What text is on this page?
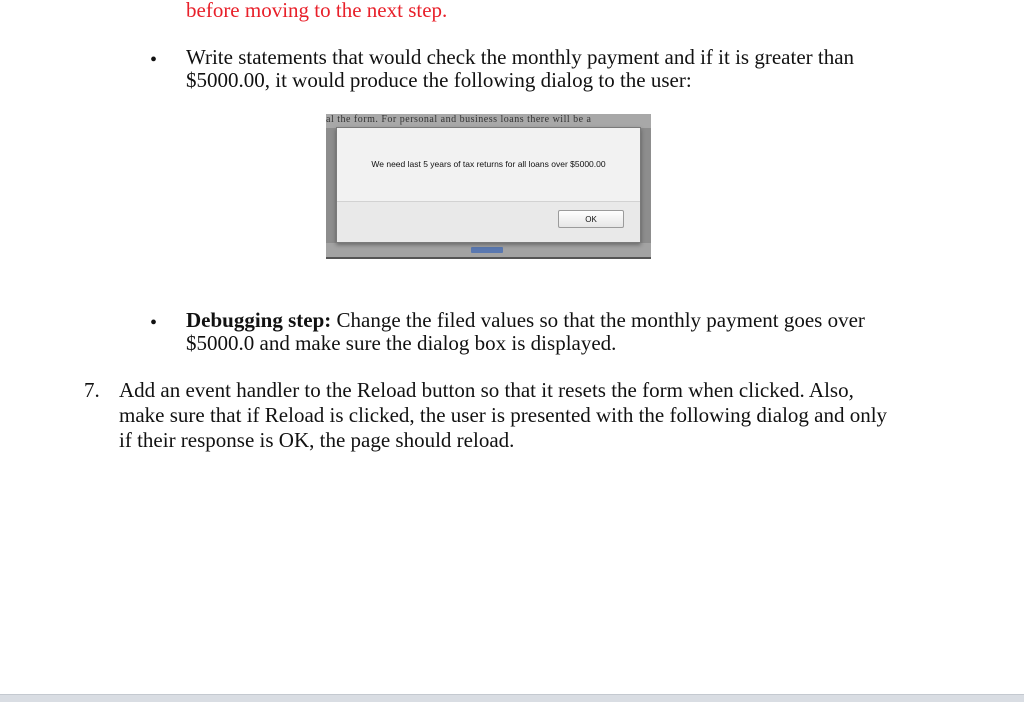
before moving to the next step.
• Write statements that would check the monthly payment and if it is greater than $5000.00, it would produce the following dialog to the user:
al the form. For personal and business loans there will be a
We need last 5 years of tax returns for all loans over $5000.00
OK
• Debugging step: Change the filed values so that the monthly payment goes over $5000.0 and make sure the dialog box is displayed.
7. Add an event handler to the Reload button so that it resets the form when clicked. Also, make sure that if Reload is clicked, the user is presented with the following dialog and only if their response is OK, the page should reload.
